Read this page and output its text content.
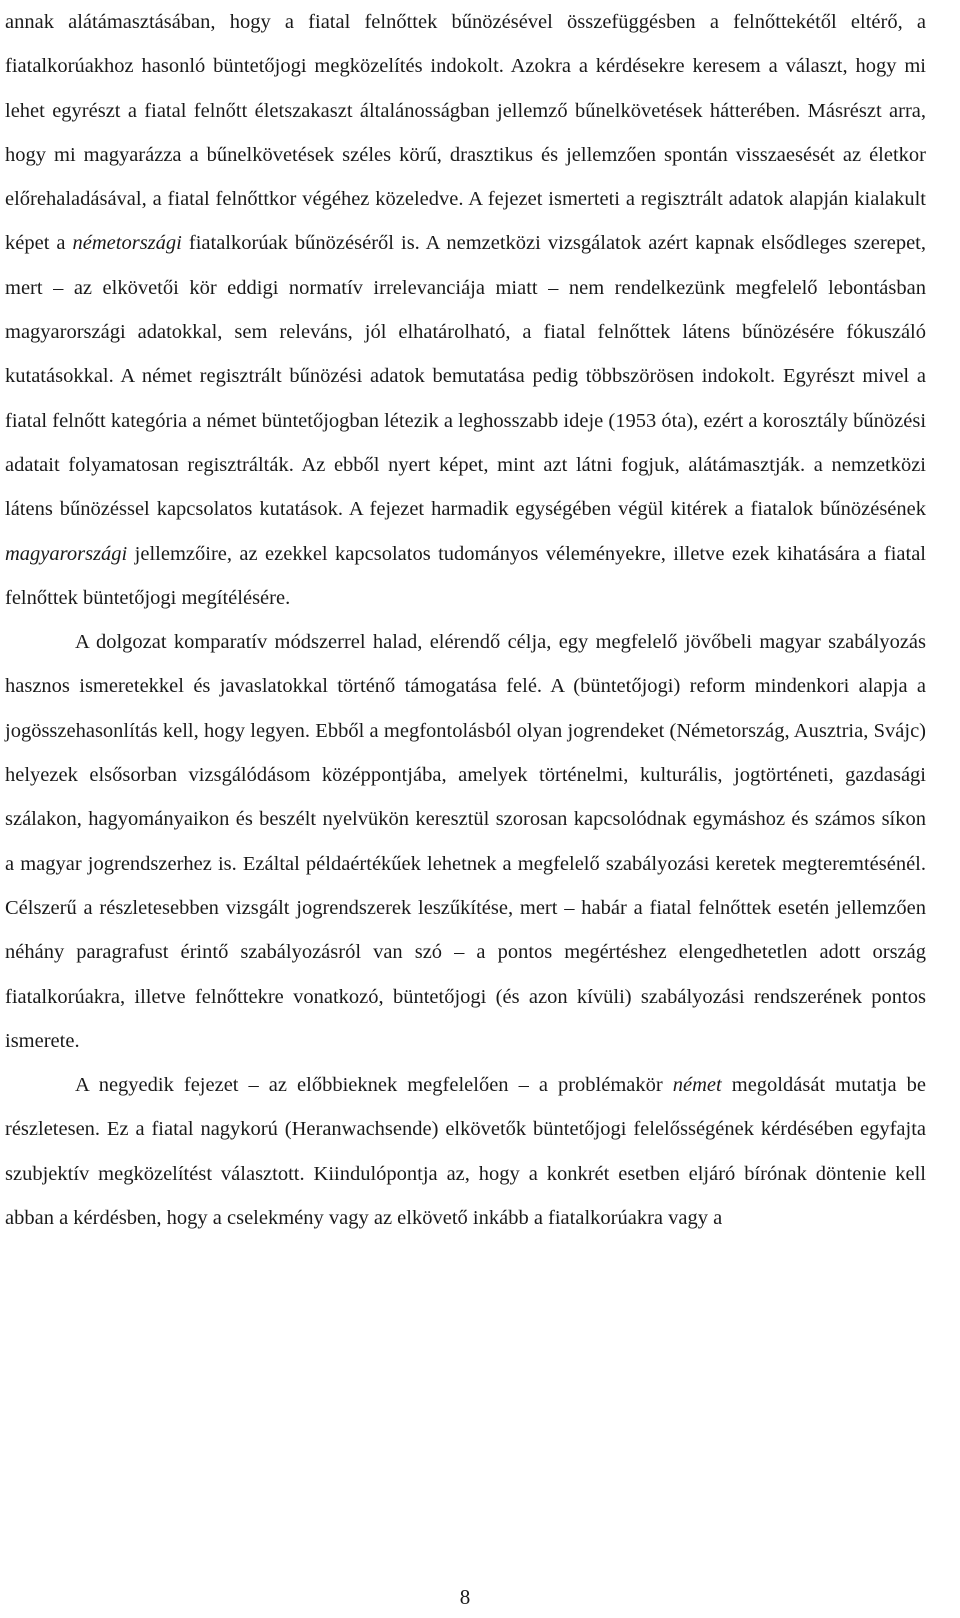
annak alátámasztásában, hogy a fiatal felnőttek bűnözésével összefüggésben a felnőttekétől eltérő, a fiatalkorúakhoz hasonló büntetőjogi megközelítés indokolt. Azokra a kérdésekre keresem a választ, hogy mi lehet egyrészt a fiatal felnőtt életszakaszt általánosságban jellemző bűnelkövetések hátterében. Másrészt arra, hogy mi magyarázza a bűnelkövetések széles körű, drasztikus és jellemzően spontán visszaesését az életkor előrehaladásával, a fiatal felnőttkor végéhez közeledve. A fejezet ismerteti a regisztrált adatok alapján kialakult képet a németországi fiatalkorúak bűnözéséről is. A nemzetközi vizsgálatok azért kapnak elsődleges szerepet, mert – az elkövetői kör eddigi normatív irrelevanciája miatt – nem rendelkezünk megfelelő lebontásban magyarországi adatokkal, sem releváns, jól elhatárolható, a fiatal felnőttek látens bűnözésére fókuszáló kutatásokkal. A német regisztrált bűnözési adatok bemutatása pedig többszörösen indokolt. Egyrészt mivel a fiatal felnőtt kategória a német büntetőjogban létezik a leghosszabb ideje (1953 óta), ezért a korosztály bűnözési adatait folyamatosan regisztrálták. Az ebből nyert képet, mint azt látni fogjuk, alátámasztják. a nemzetközi látens bűnözéssel kapcsolatos kutatások. A fejezet harmadik egységében végül kitérek a fiatalok bűnözésének magyarországi jellemzőire, az ezekkel kapcsolatos tudományos véleményekre, illetve ezek kihatására a fiatal felnőttek büntetőjogi megítélésére.

A dolgozat komparatív módszerrel halad, elérendő célja, egy megfelelő jövőbeli magyar szabályozás hasznos ismeretekkel és javaslatokkal történő támogatása felé. A (büntetőjogi) reform mindenkori alapja a jogösszehasonlítás kell, hogy legyen. Ebből a megfontolásból olyan jogrendeket (Németország, Ausztria, Svájc) helyezek elsősorban vizsgálódásom középpontjába, amelyek történelmi, kulturális, jogtörténeti, gazdasági szálakon, hagyományaikon és beszélt nyelvükön keresztül szorosan kapcsolódnak egymáshoz és számos síkon a magyar jogrendszerhez is. Ezáltal példaértékűek lehetnek a megfelelő szabályozási keretek megteremtésénél. Célszerű a részletesebben vizsgált jogrendszerek leszűkítése, mert – habár a fiatal felnőttek esetén jellemzően néhány paragrafust érintő szabályozásról van szó – a pontos megértéshez elengedhetetlen adott ország fiatalkorúakra, illetve felnőttekre vonatkozó, büntetőjogi (és azon kívüli) szabályozási rendszerének pontos ismerete.

A negyedik fejezet – az előbbieknek megfelelően – a problémakör német megoldását mutatja be részletesen. Ez a fiatal nagykorú (Heranwachsende) elkövetők büntetőjogi felelősségének kérdésében egyfajta szubjektív megközelítést választott. Kiindulópontja az, hogy a konkrét esetben eljáró bírónak döntenie kell abban a kérdésben, hogy a cselekmény vagy az elkövető inkább a fiatalkorúakra vagy a

8
